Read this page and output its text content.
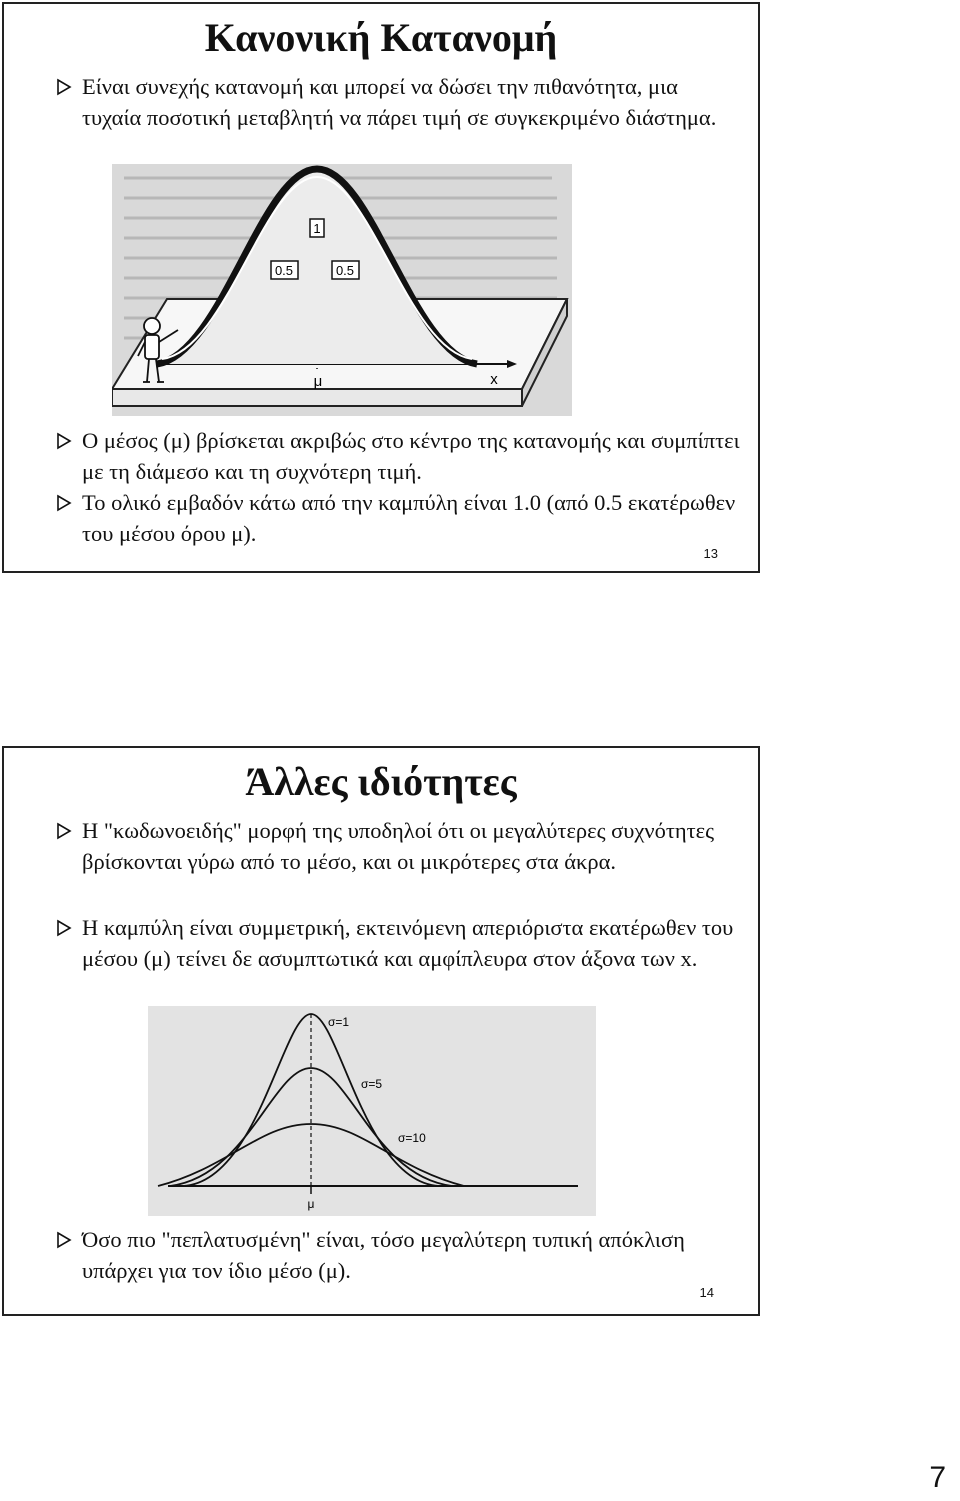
Κανονική Κατανομή
Είναι συνεχής κατανομή και μπορεί να δώσει την πιθανότητα, μια τυχαία ποσοτική μεταβλητή να πάρει τιμή σε συγκεκριμένο διάστημα.
1
0.5	0.5
μ	x
Ο μέσος (μ) βρίσκεται ακριβώς στο κέντρο της κατανομής και συμπίπτει με τη διάμεσο και τη συχνότερη τιμή.
Το ολικό εμβαδόν κάτω από την καμπύλη είναι 1.0 (από 0.5 εκατέρωθεν του μέσου όρου μ).
13
Άλλες ιδιότητες
Η "κωδωνοειδής" μορφή της υποδηλοί ότι οι μεγαλύτερες συχνότητες βρίσκονται γύρω από το μέσο, και οι μικρότερες στα άκρα.
Η καμπύλη είναι συμμετρική, εκτεινόμενη απεριόριστα εκατέρωθεν του μέσου (μ) τείνει δε ασυμπτωτικά και αμφίπλευρα στον άξονα των x.
σ=1
σ=5
σ=10
μ
Όσο πιο "πεπλατυσμένη" είναι, τόσο μεγαλύτερη τυπική απόκλιση υπάρχει για τον ίδιο μέσο (μ).
14
7
